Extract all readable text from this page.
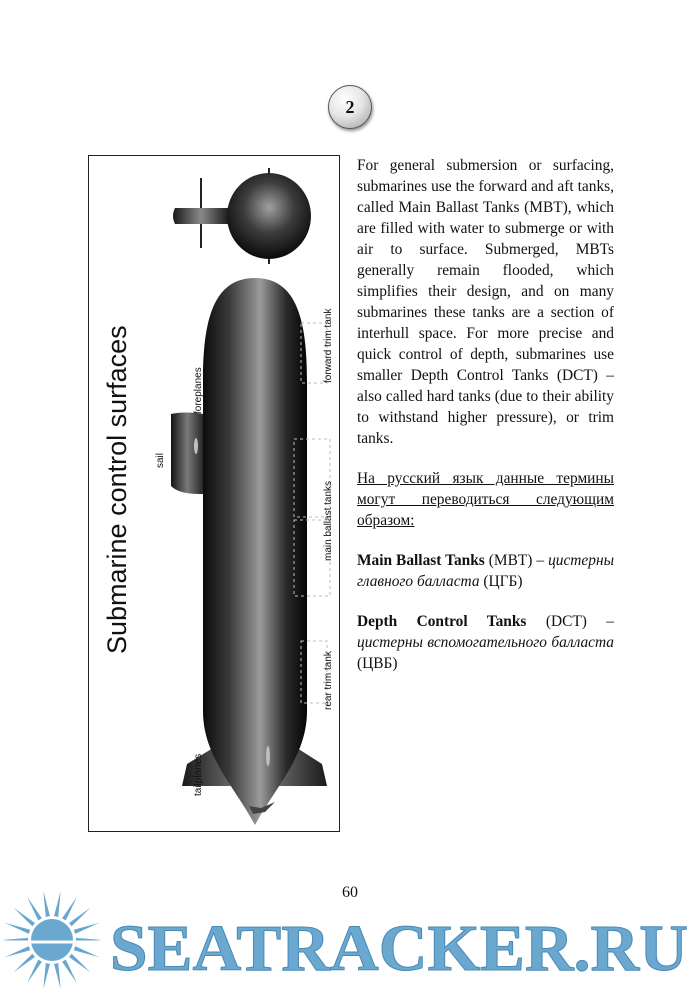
2
Submarine control surfaces	foreplanes
sail
tailplanes
forward trim tank
main ballast tanks
rear trim tank

For general submersion or surfacing, submarines use the forward and aft tanks, called Main Ballast Tanks (MBT), which are filled with water to submerge or with air to surface. Submerged, MBTs generally remain flooded, which simplifies their design, and on many submarines these tanks are a section of interhull space. For more precise and quick control of depth, submarines use smaller Depth Control Tanks (DCT) – also called hard tanks (due to their ability to withstand higher pressure), or trim tanks.

На русский язык данные термины могут переводиться следующим образом:

Main Ballast Tanks (MBT) – цистерны главного балласта (ЦГБ)

Depth Control Tanks (DCT) – цистерны вспомогательного балласта (ЦВБ)

60
SEATRACKER.RU
